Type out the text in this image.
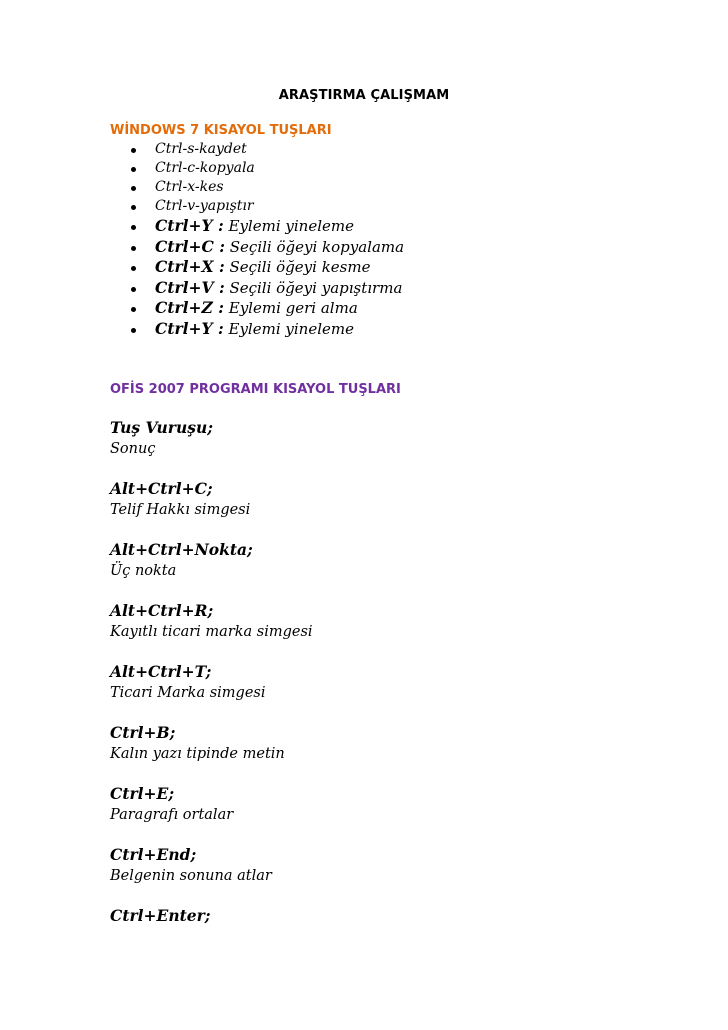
ARAŞTIRMA ÇALIŞMAM
WİNDOWS 7 KISAYOL TUŞLARI
Ctrl-s-kaydet
Ctrl-c-kopyala
Ctrl-x-kes
Ctrl-v-yapıştır
Ctrl+Y : Eylemi yineleme
Ctrl+C : Seçili öğeyi kopyalama
Ctrl+X : Seçili öğeyi kesme
Ctrl+V : Seçili öğeyi yapıştırma
Ctrl+Z : Eylemi geri alma
Ctrl+Y : Eylemi yineleme
OFİS 2007 PROGRAMI KISAYOL TUŞLARI
Tuş Vuruşu;
Sonuç
Alt+Ctrl+C;
Telif Hakkı simgesi
Alt+Ctrl+Nokta;
Üç nokta
Alt+Ctrl+R;
Kayıtlı ticari marka simgesi
Alt+Ctrl+T;
Ticari Marka simgesi
Ctrl+B;
Kalın yazı tipinde metin
Ctrl+E;
Paragrafı ortalar
Ctrl+End;
Belgenin sonuna atlar
Ctrl+Enter;
